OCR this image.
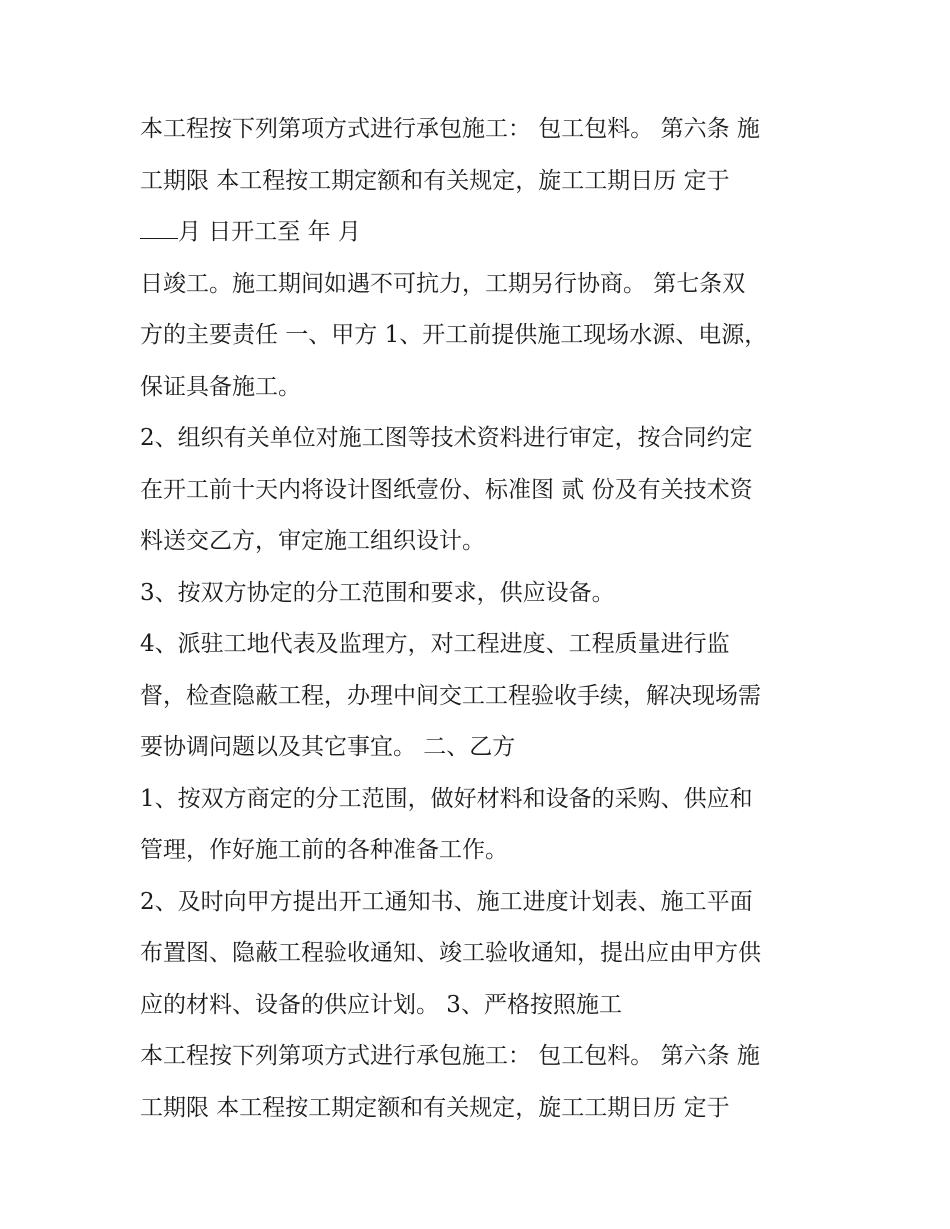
本工程按下列第项方式进行承包施工： 包工包料。 第六条 施
工期限 本工程按工期定额和有关规定，旋工工期日历 定于
月 日开工至 年 月
日竣工。施工期间如遇不可抗力，工期另行协商。 第七条双
方的主要责任 一、甲方 1、开工前提供施工现场水源、电源，
保证具备施工。
2、组织有关单位对施工图等技术资料进行审定，按合同约定
在开工前十天内将设计图纸壹份、标准图 贰 份及有关技术资
料送交乙方，审定施工组织设计。
3、按双方协定的分工范围和要求，供应设备。
4、派驻工地代表及监理方，对工程进度、工程质量进行监
督，检查隐蔽工程，办理中间交工工程验收手续，解决现场需
要协调问题以及其它事宜。 二、乙方
1、按双方商定的分工范围，做好材料和设备的采购、供应和
管理，作好施工前的各种准备工作。
2、及时向甲方提出开工通知书、施工进度计划表、施工平面
布置图、隐蔽工程验收通知、竣工验收通知，提出应由甲方供
应的材料、设备的供应计划。 3、严格按照施工
本工程按下列第项方式进行承包施工： 包工包料。 第六条 施
工期限 本工程按工期定额和有关规定，旋工工期日历 定于
